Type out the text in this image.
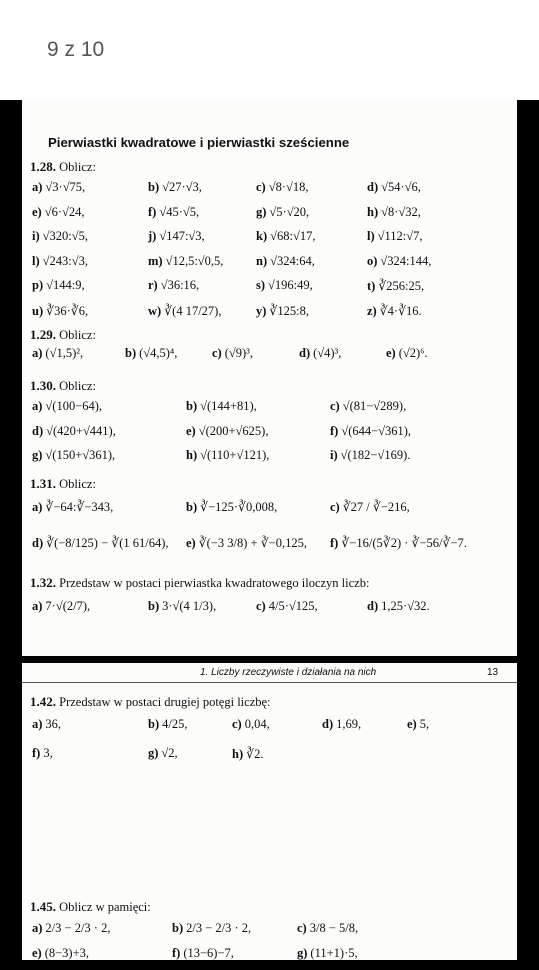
9 z 10
Pierwiastki kwadratowe i pierwiastki sześcienne
1.28. Oblicz:
a) √3·√75,	b) √27·√3,	c) √8·√18,	d) √54·√6,
e) √6·√24,	f) √45·√5,	g) √5·√20,	h) √8·√32,
i) √320:√5,	j) √147:√3,	k) √68:√17,	l) √112:√7,
l) √243:√3,	m) √12,5:√0,5,	n) √324:64,	o) √324:144,
p) √144:9,	r) √36:16,	s) √196:49,	t) ∛256:25,
u) ∛36·∛6,	w) ∛(4 17/27),	y) ∛125:8,	z) ∛4·∛16.
1.29. Oblicz:
a) (√1,5)²,	b) (√4,5)⁴,	c) (√9)³,	d) (√4)³,	e) (√2)⁶.
1.30. Oblicz:
a) √(100−64),	b) √(144+81),	c) √(81−√289),
d) √(420+√441),	e) √(200+√625),	f) √(644−√361),
g) √(150+√361),	h) √(110+√121),	i) √(182−√169).
1.31. Oblicz:
a) ∛−64:∛−343,	b) ∛−125·∛0,008,	c) ∛27 / ∛−216,
d) ∛(−8/125) − ∛(1 61/64), e) ∛(−3 3/8) + ∛−0,125, f) ∛−16/(5∛2) · ∛−56/∛−7.
1.32. Przedstaw w postaci pierwiastka kwadratowego iloczyn liczb:
a) 7·√(2/7),	b) 3·√(4 1/3),	c) 4/5·√125,	d) 1,25·√32.
1. Liczby rzeczywiste i działania na nich	13
1.42. Przedstaw w postaci drugiej potęgi liczbę:
a) 36,	b) 4/25,	c) 0,04,	d) 1,69,	e) 5,
f) 3,	g) √2,	h) ∛2.
1.45. Oblicz w pamięci:
a) 2/3 − 2/3 · 2,	b) 2/3 − 2/3 · 2,	c) 3/8 − 5/8,
e) (8−3)+3,	f) (13−6)−7,	g) (11+1)·5,
